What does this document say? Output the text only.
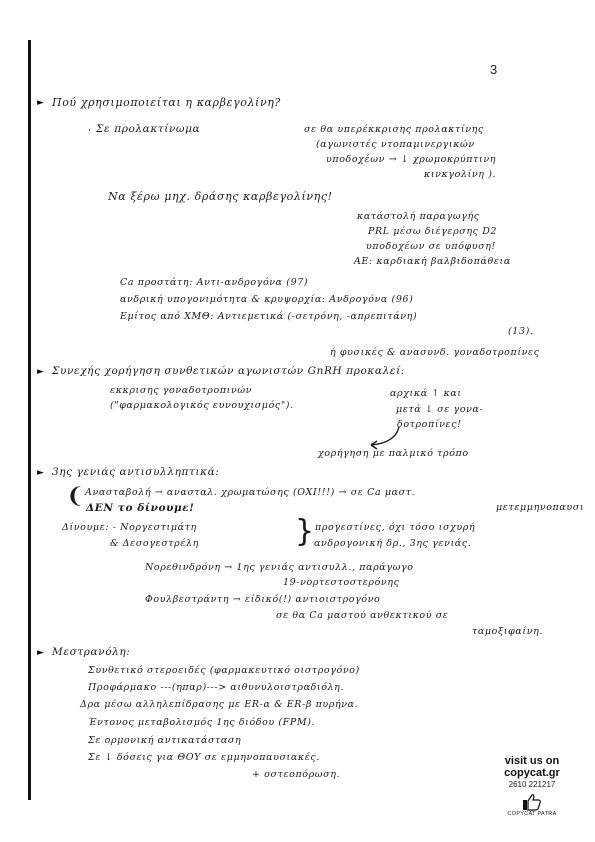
3
► Πού χρησιμοποιείται η καρβεγολίνη?
· Σε προλακτίνωμα	σε θα υπερέκκρισης προλακτίνης
(αγωνιστές ντοπαμινεργικών
υποδοχέων → ↓ χρωμοκρύπτινη
κινκγολίνη ).
Να ξέρω μηχ. δράσης καρβεγολίνης!
κατάστολή παραγωγής
PRL μέσω διέγερσης D2
υποδοχέων σε υπόφυση!
ΑΕ: καρδιακή βαλβιδοπάθεια
Ca προστάτη: Αντι-ανδρογόνα (97)
ανδρική υπογονιμότητα & κρυψορχία: Ανδρογόνα (96)
Εμίτος από ΧΜΘ: Αντιεμετικά (-σετρόνη, -απρεπιτάνη)
(13).
ή φυσικές & ανασυνδ. γοναδοτροπίνες
► Συνεχής χορήγηση συνθετικών αγωνιστών GnRH προκαλεί:
εκκρισης γοναδοτροπινών
("φαρμακολογικός ευνουχισμός").
αρχικά ↑ και
μετά ↓ σε γονα-
δοτροπίνες!
χορήγηση με παλμικό τρόπο
► 3ης γενιάς αντισυλληπτικά:
❨ Ανασταβολή → ανασταλ. χρωματώσης (ΟΧΙ!!!) → σε Ca μαστ.
ΔΕΝ το δίνουμε!	μετεμμηνοπαυσι
Δίνουμε: - Νοργεστιμάτη
& Δεσογεστρέλη	} προγεστίνες, όχι τόσο ισχυρή
ανδρογονική δρ., 3ης γενιάς.
Νορεθινδρόνη → 1ης γενιάς αντισυλλ., παράγωγο
19-νορτεστοστερόνης
Φουλβεστράντη → είδικό(!) αντιοιστρογόνο
σε θα Ca μαστού ανθεκτικού σε
ταμοξιφαίνη.
► Μεστρανόλη:
Συνθετικό στεροειδές (φαρμακευτικό οιστρογόνο)
Προφάρμακο ---(ηπαρ)---> αιθυνυλοιστραδιόλη.
Δρα μέσω αλληλεπίδρασης με ER-α & ER-β πυρήνα.
Έντονος μεταβολισμός 1ης διόδου (FPM).
Σε ορμονική αντικατάσταση
Σε ↓ δόσεις για ΘΟΥ σε εμμηνοπαυσιακές.
+ οστεοπόρωση.
visit us on
copycat.gr
2610 221217
COPYCAT PATRA
